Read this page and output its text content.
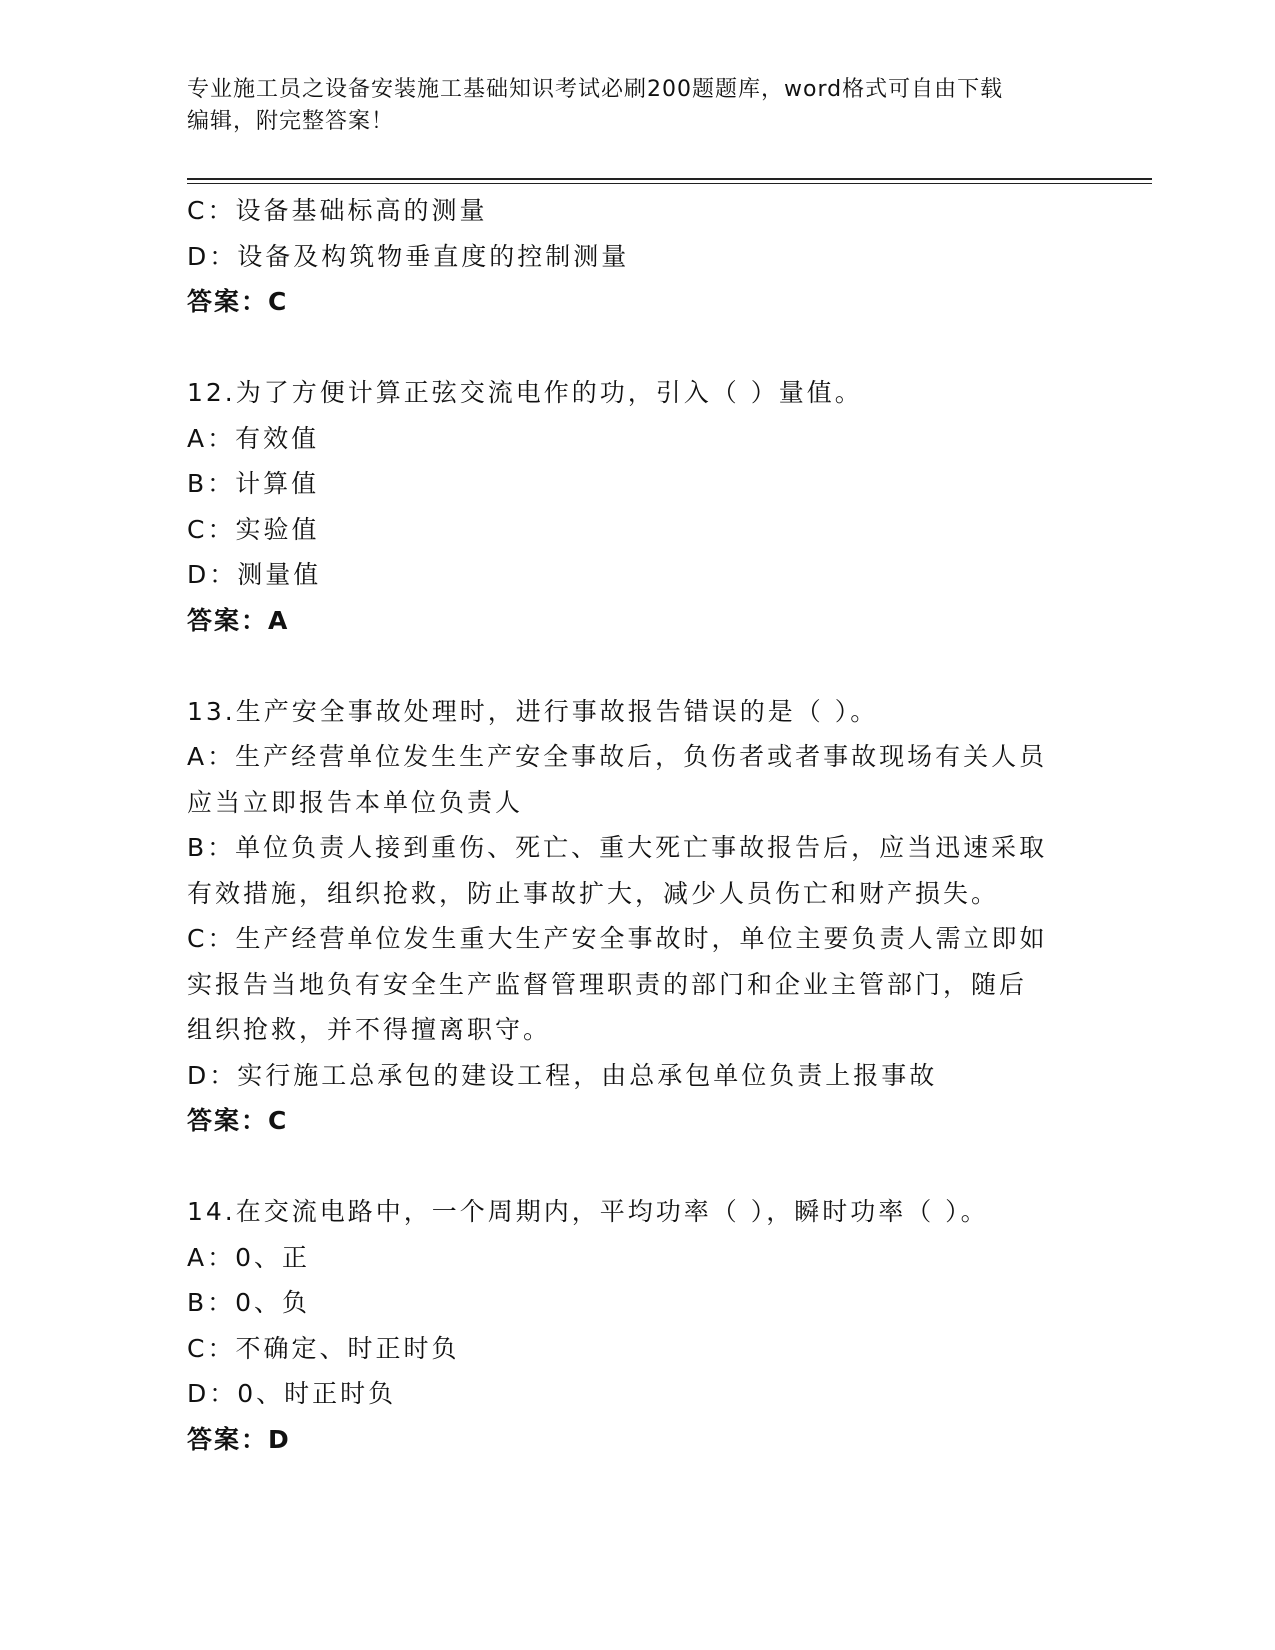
专业施工员之设备安装施工基础知识考试必刷200题题库，word格式可自由下载
编辑，附完整答案！
C：设备基础标高的测量
D：设备及构筑物垂直度的控制测量
答案：C
12.为了方便计算正弦交流电作的功，引入（ ）量值。
A：有效值
B：计算值
C：实验值
D：测量值
答案：A
13.生产安全事故处理时，进行事故报告错误的是（ ）。
A：生产经营单位发生生产安全事故后，负伤者或者事故现场有关人员
应当立即报告本单位负责人
B：单位负责人接到重伤、死亡、重大死亡事故报告后，应当迅速采取
有效措施，组织抢救，防止事故扩大，减少人员伤亡和财产损失。
C：生产经营单位发生重大生产安全事故时，单位主要负责人需立即如
实报告当地负有安全生产监督管理职责的部门和企业主管部门，随后
组织抢救，并不得擅离职守。
D：实行施工总承包的建设工程，由总承包单位负责上报事故
答案：C
14.在交流电路中，一个周期内，平均功率（ ），瞬时功率（ ）。
A：0、正
B：0、负
C：不确定、时正时负
D：0、时正时负
答案：D
